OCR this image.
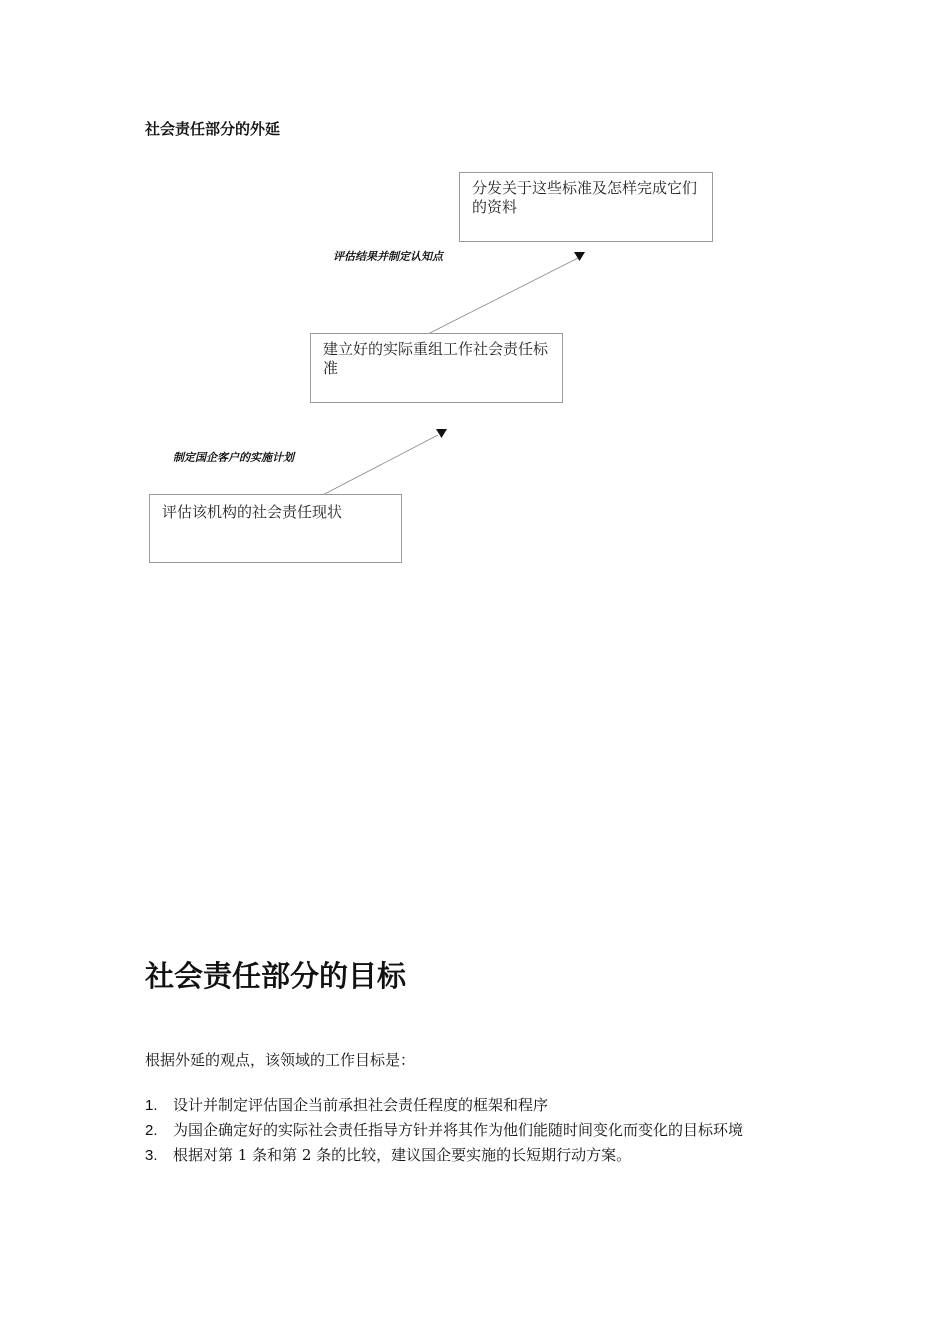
社会责任部分的外延
分发关于这些标准及怎样完成它们的资料
建立好的实际重组工作社会责任标准
评估该机构的社会责任现状
评估结果并制定认知点
制定国企客户的实施计划
社会责任部分的目标
根据外延的观点，该领域的工作目标是：
1. 设计并制定评估国企当前承担社会责任程度的框架和程序
2. 为国企确定好的实际社会责任指导方针并将其作为他们能随时间变化而变化的目标环境
3. 根据对第 1 条和第 2 条的比较，建议国企要实施的长短期行动方案。
